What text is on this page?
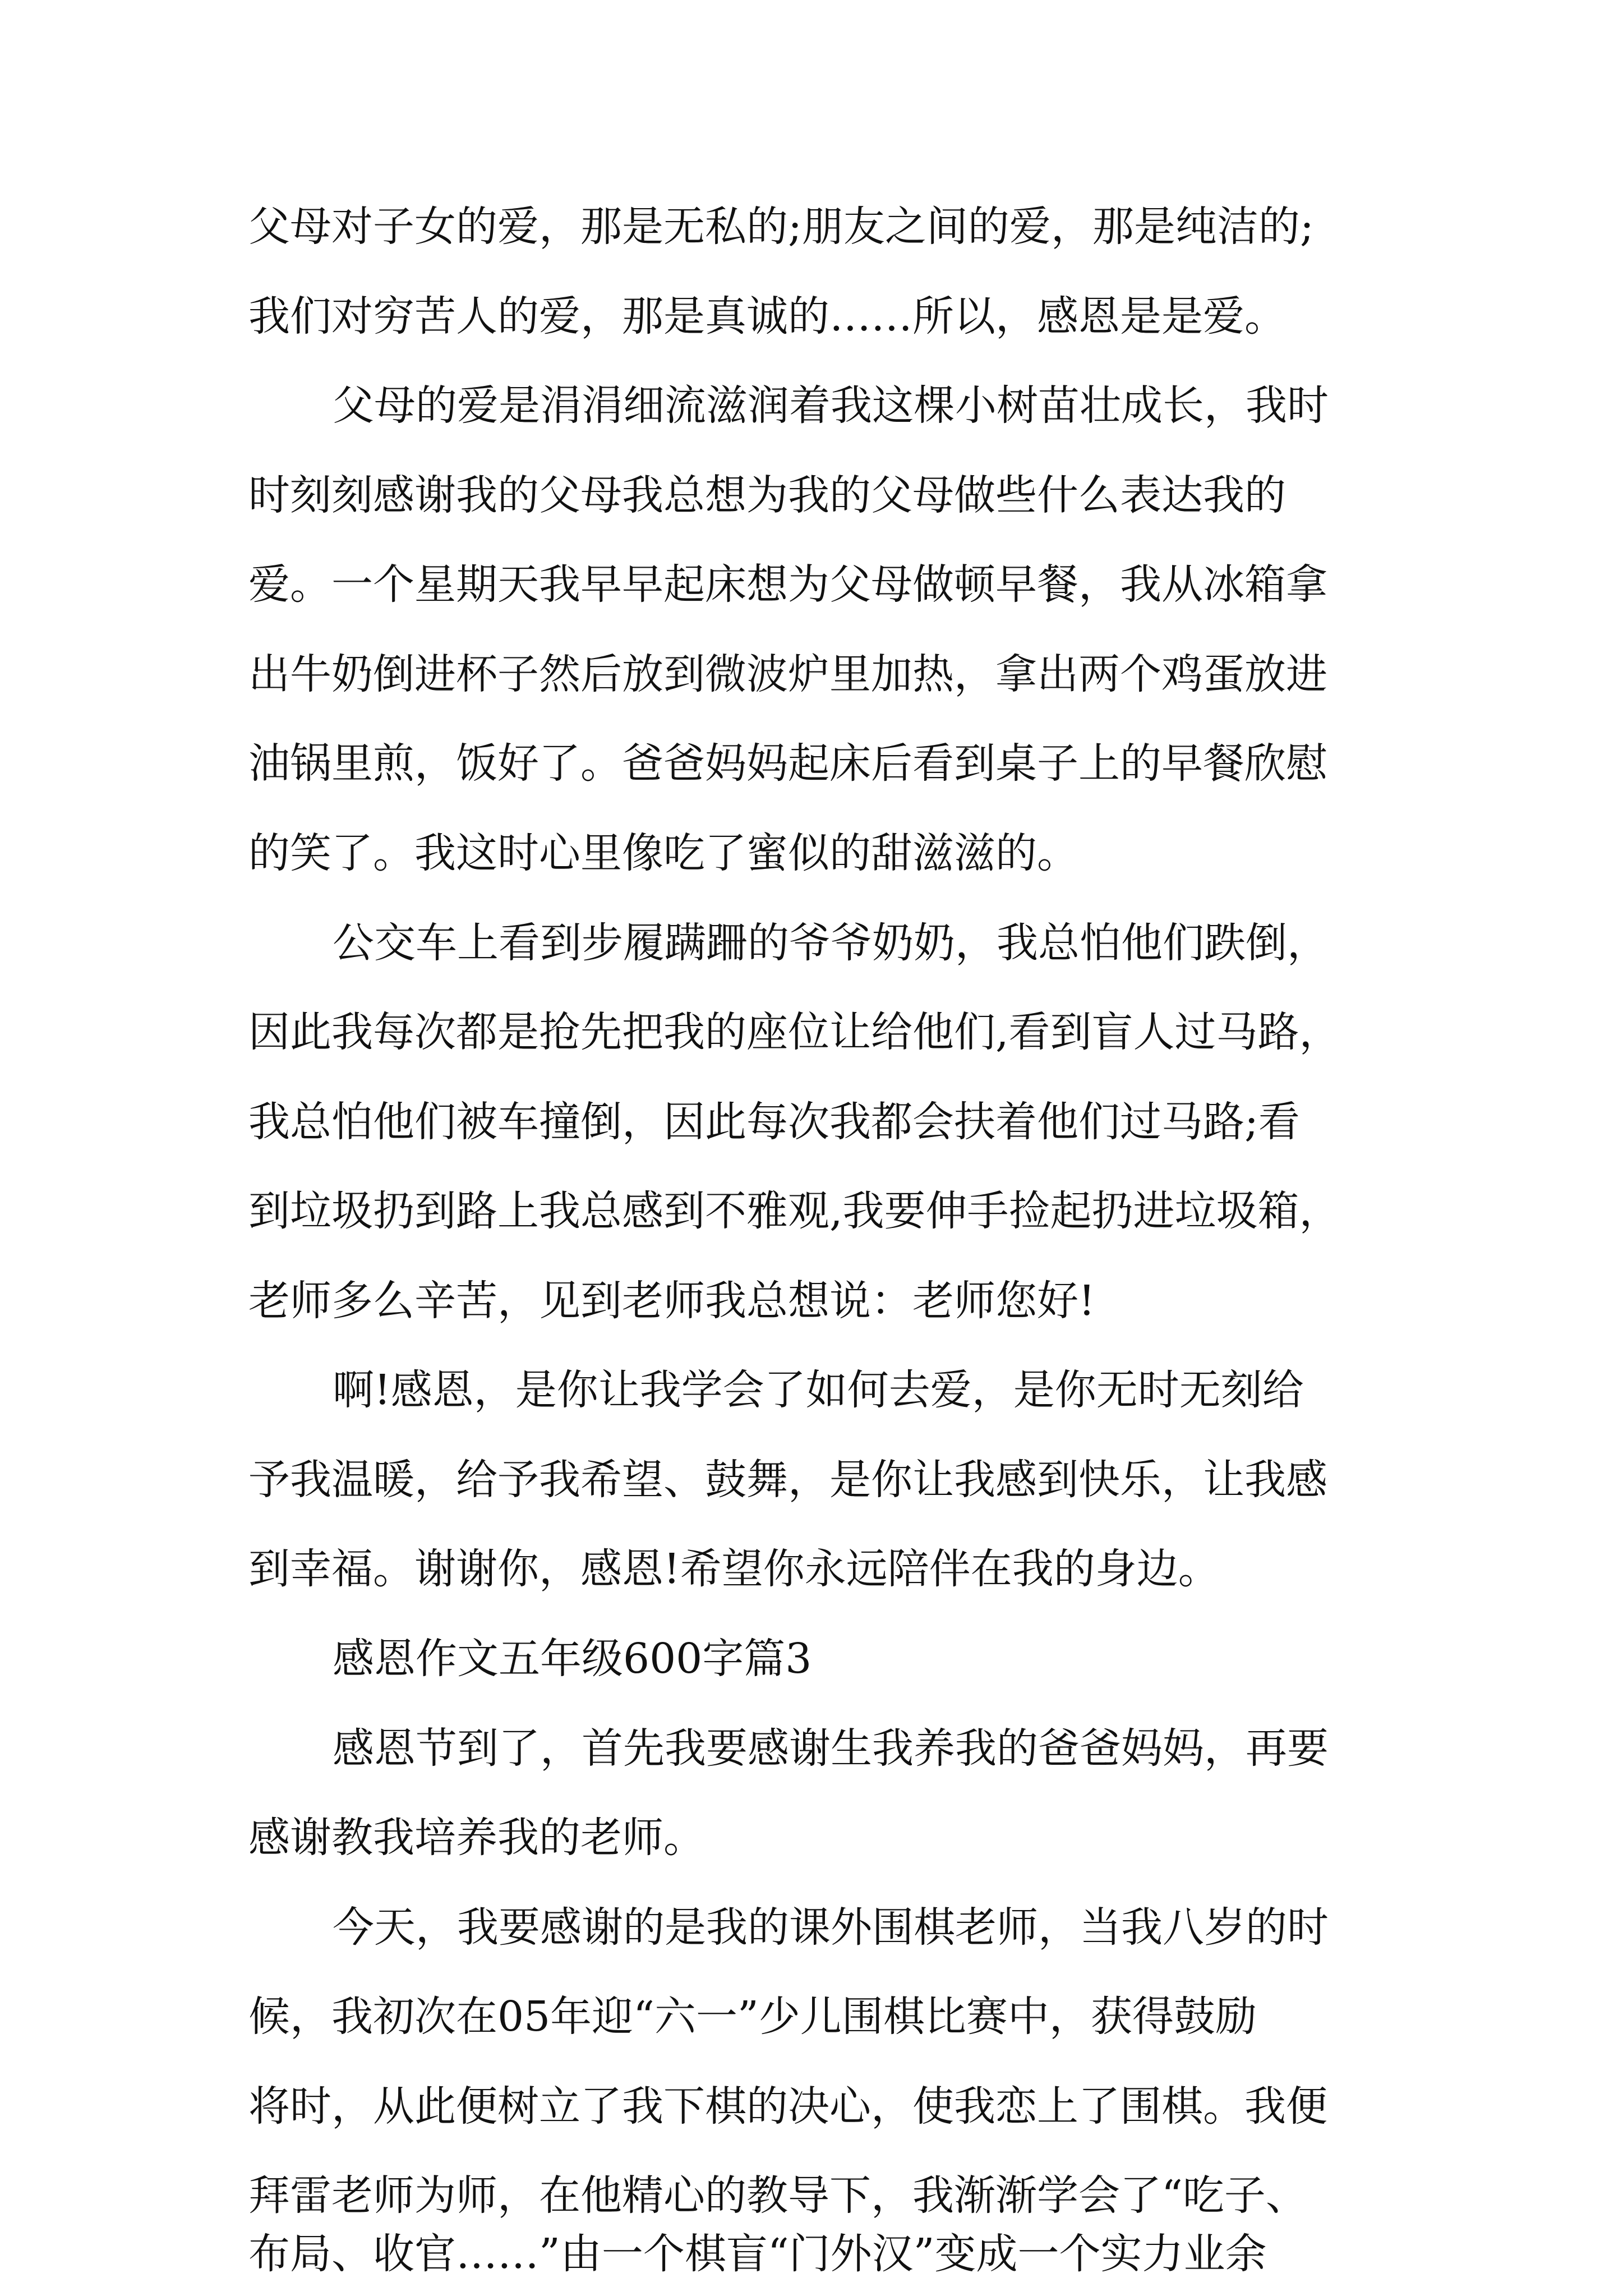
父母对子女的爱，那是无私的;朋友之间的爱，那是纯洁的;
我们对穷苦人的爱，那是真诚的……所以，感恩是是爱。
父母的爱是涓涓细流滋润着我这棵小树苗壮成长，我时
时刻刻感谢我的父母我总想为我的父母做些什么表达我的
爱。一个星期天我早早起床想为父母做顿早餐，我从冰箱拿
出牛奶倒进杯子然后放到微波炉里加热，拿出两个鸡蛋放进
油锅里煎，饭好了。爸爸妈妈起床后看到桌子上的早餐欣慰
的笑了。我这时心里像吃了蜜似的甜滋滋的。
公交车上看到步履蹒跚的爷爷奶奶，我总怕他们跌倒，
因此我每次都是抢先把我的座位让给他们,看到盲人过马路，
我总怕他们被车撞倒，因此每次我都会扶着他们过马路;看
到垃圾扔到路上我总感到不雅观,我要伸手捡起扔进垃圾箱，
老师多么辛苦，见到老师我总想说：老师您好!
啊!感恩，是你让我学会了如何去爱，是你无时无刻给
予我温暖，给予我希望、鼓舞，是你让我感到快乐，让我感
到幸福。谢谢你，感恩!希望你永远陪伴在我的身边。
感恩作文五年级600字篇3
感恩节到了，首先我要感谢生我养我的爸爸妈妈，再要
感谢教我培养我的老师。
今天，我要感谢的是我的课外围棋老师，当我八岁的时
候，我初次在05年迎“六一”少儿围棋比赛中，获得鼓励
将时，从此便树立了我下棋的决心，使我恋上了围棋。我便
拜雷老师为师，在他精心的教导下，我渐渐学会了“吃子、
布局、收官……”由一个棋盲“门外汉”变成一个实力业余
